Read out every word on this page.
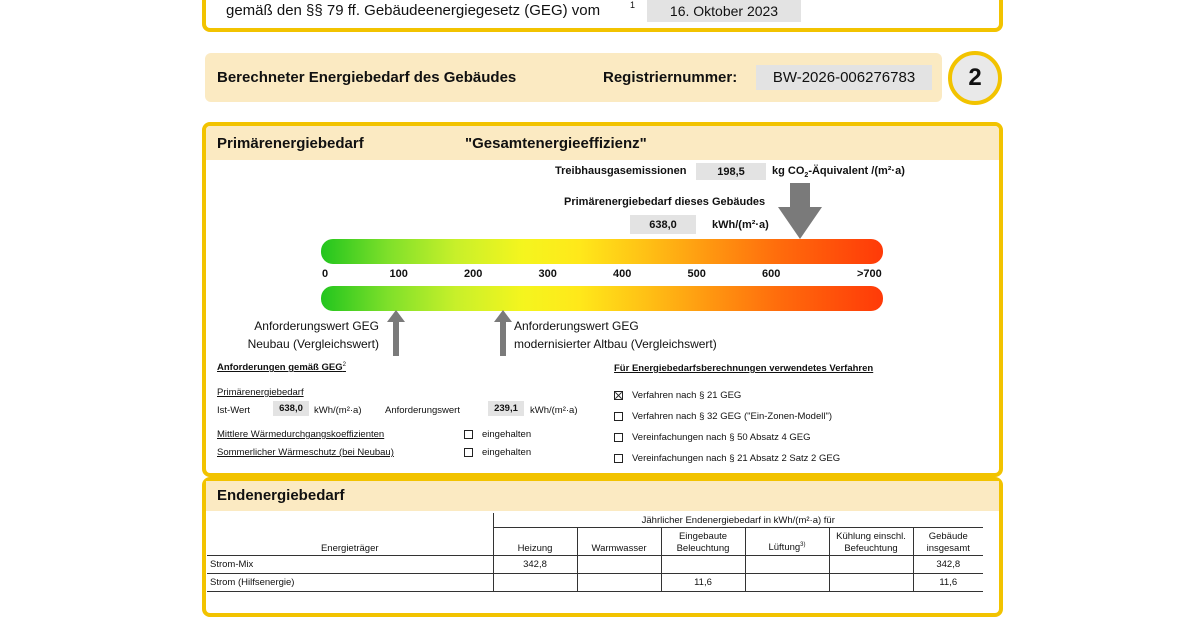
gemäß den §§ 79 ff. Gebäudeenergiegesetz (GEG) vom	1 16. Oktober 2023
Berechneter Energiebedarf des Gebäudes	Registriernummer: BW-2026-006276783 2
Primärenergiebedarf	"Gesamtenergieeffizienz"
Treibhausgasemissionen	198,5 kg $CO_2$-Äquivalent /(m²·a)
Primärenergiebedarf dieses Gebäudes
638,0	kWh/(m²·a)
0	100	200	300	400	500	600	>700
Anforderungswert GEG
Neubau (Vergleichswert)
Anforderungswert GEG
modernisierter Altbau (Vergleichswert)
Anforderungen gemäß GEG$^2$
Primärenergiebedarf
Ist-Wert	638,0 kWh/(m²·a) Anforderungswert	239,1 kWh/(m²·a)
Mittlere Wärmedurchgangskoeffizienten	eingehalten
Sommerlicher Wärmeschutz (bei Neubau)	eingehalten
Für Energiebedarfsberechnungen verwendetes Verfahren
Verfahren nach § 21 GEG
Verfahren nach § 32 GEG ("Ein-Zonen-Modell")
Vereinfachungen nach § 50 Absatz 4 GEG
Vereinfachungen nach § 21 Absatz 2 Satz 2 GEG
Endenergiebedarf
Energieträger	Jährlicher Endenergiebedarf in kWh/(m²·a) für					
	Heizung	Warmwasser	Eingebaute Beleuchtung	Lüftung$^{3)}$	Kühlung einschl. Befeuchtung	Gebäude insgesamt
Strom-Mix	342,8					342,8
Strom (Hilfsenergie)			11,6			11,6
